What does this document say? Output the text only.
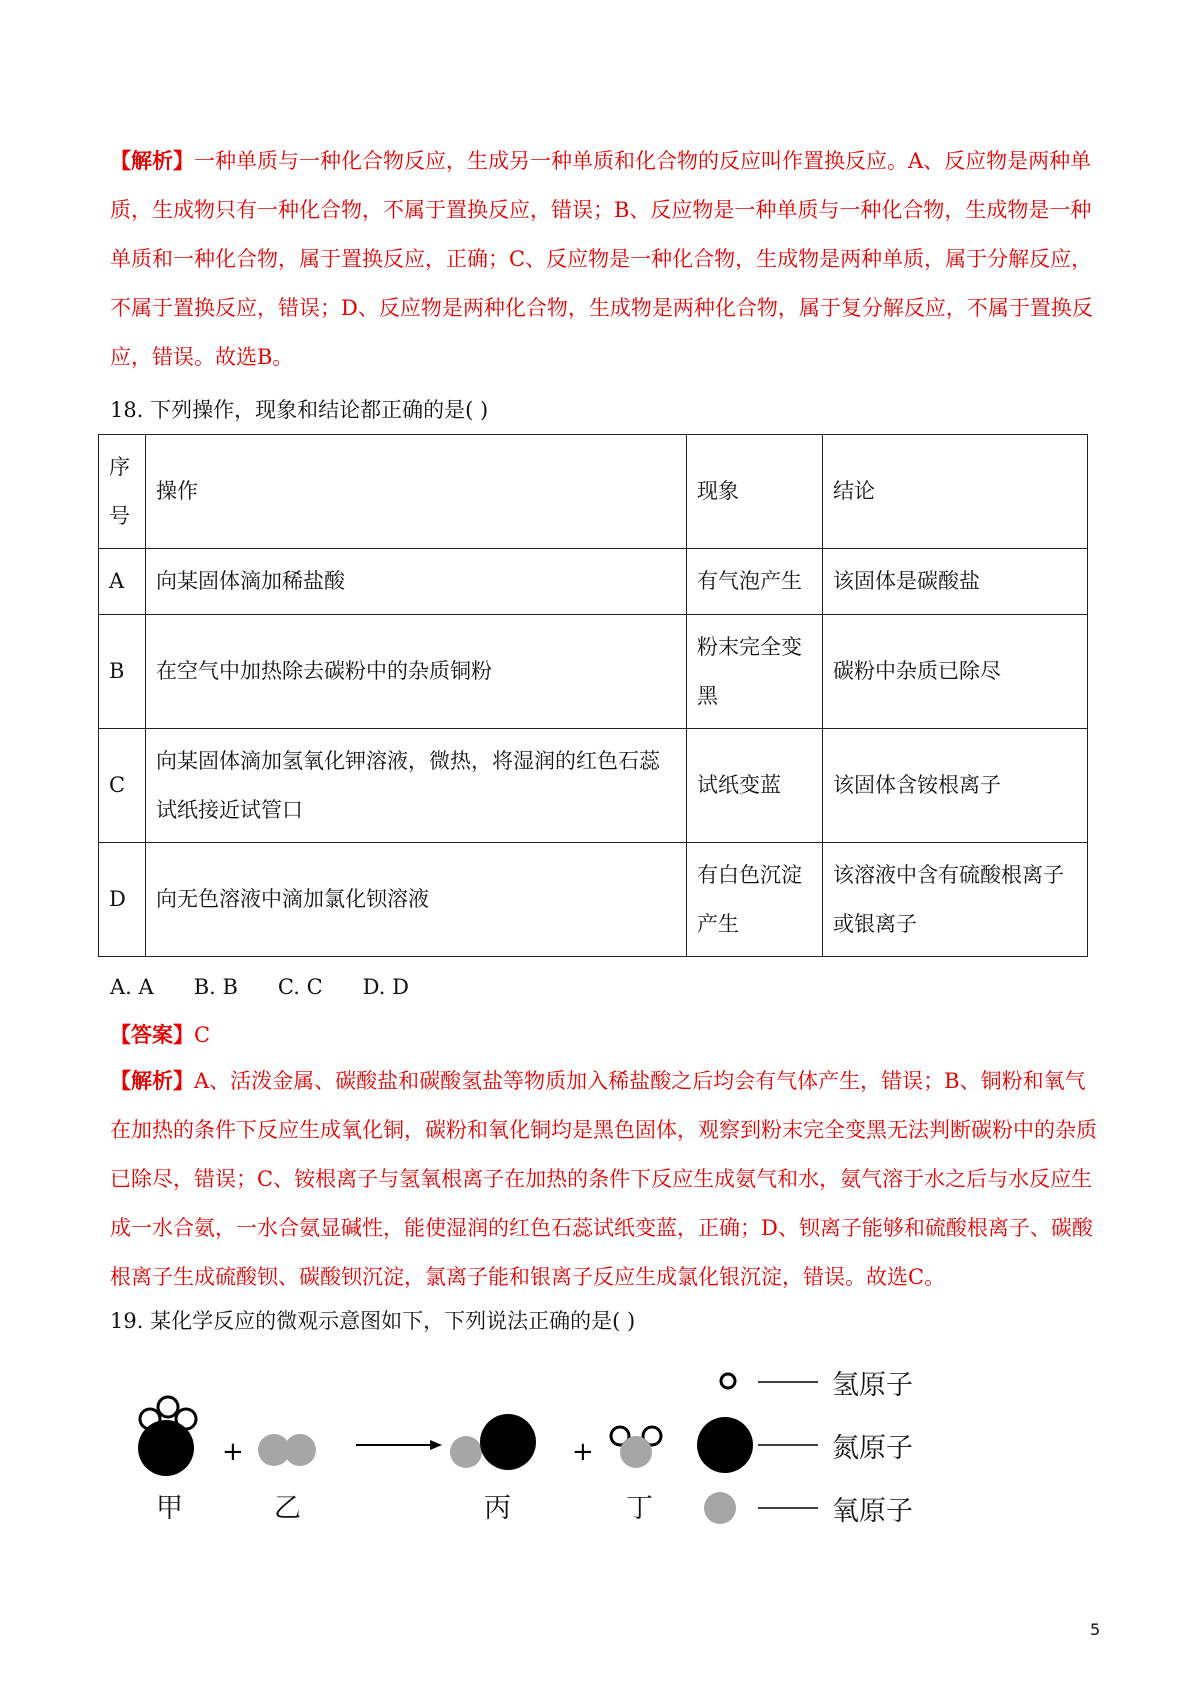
【解析】一种单质与一种化合物反应，生成另一种单质和化合物的反应叫作置换反应。A、反应物是两种单质，生成物只有一种化合物，不属于置换反应，错误；B、反应物是一种单质与一种化合物，生成物是一种单质和一种化合物，属于置换反应，正确；C、反应物是一种化合物，生成物是两种单质，属于分解反应，不属于置换反应，错误；D、反应物是两种化合物，生成物是两种化合物，属于复分解反应，不属于置换反应，错误。故选B。

18. 下列操作，现象和结论都正确的是( )

序号	操作	现象	结论
A	向某固体滴加稀盐酸	有气泡产生	该固体是碳酸盐
B	在空气中加热除去碳粉中的杂质铜粉	粉末完全变黑	碳粉中杂质已除尽
C	向某固体滴加氢氧化钾溶液，微热，将湿润的红色石蕊试纸接近试管口	试纸变蓝	该固体含铵根离子
D	向无色溶液中滴加氯化钡溶液	有白色沉淀产生	该溶液中含有硫酸根离子或银离子

A. A B. B C. C D. D

【答案】C

【解析】A、活泼金属、碳酸盐和碳酸氢盐等物质加入稀盐酸之后均会有气体产生，错误；B、铜粉和氧气在加热的条件下反应生成氧化铜，碳粉和氧化铜均是黑色固体，观察到粉末完全变黑无法判断碳粉中的杂质已除尽，错误；C、铵根离子与氢氧根离子在加热的条件下反应生成氨气和水，氨气溶于水之后与水反应生成一水合氨，一水合氨显碱性，能使湿润的红色石蕊试纸变蓝，正确；D、钡离子能够和硫酸根离子、碳酸根离子生成硫酸钡、碳酸钡沉淀，氯离子能和银离子反应生成氯化银沉淀，错误。故选C。

19. 某化学反应的微观示意图如下，下列说法正确的是( )

+	+
甲	乙	丙	丁
氢原子
氮原子
氧原子
5
